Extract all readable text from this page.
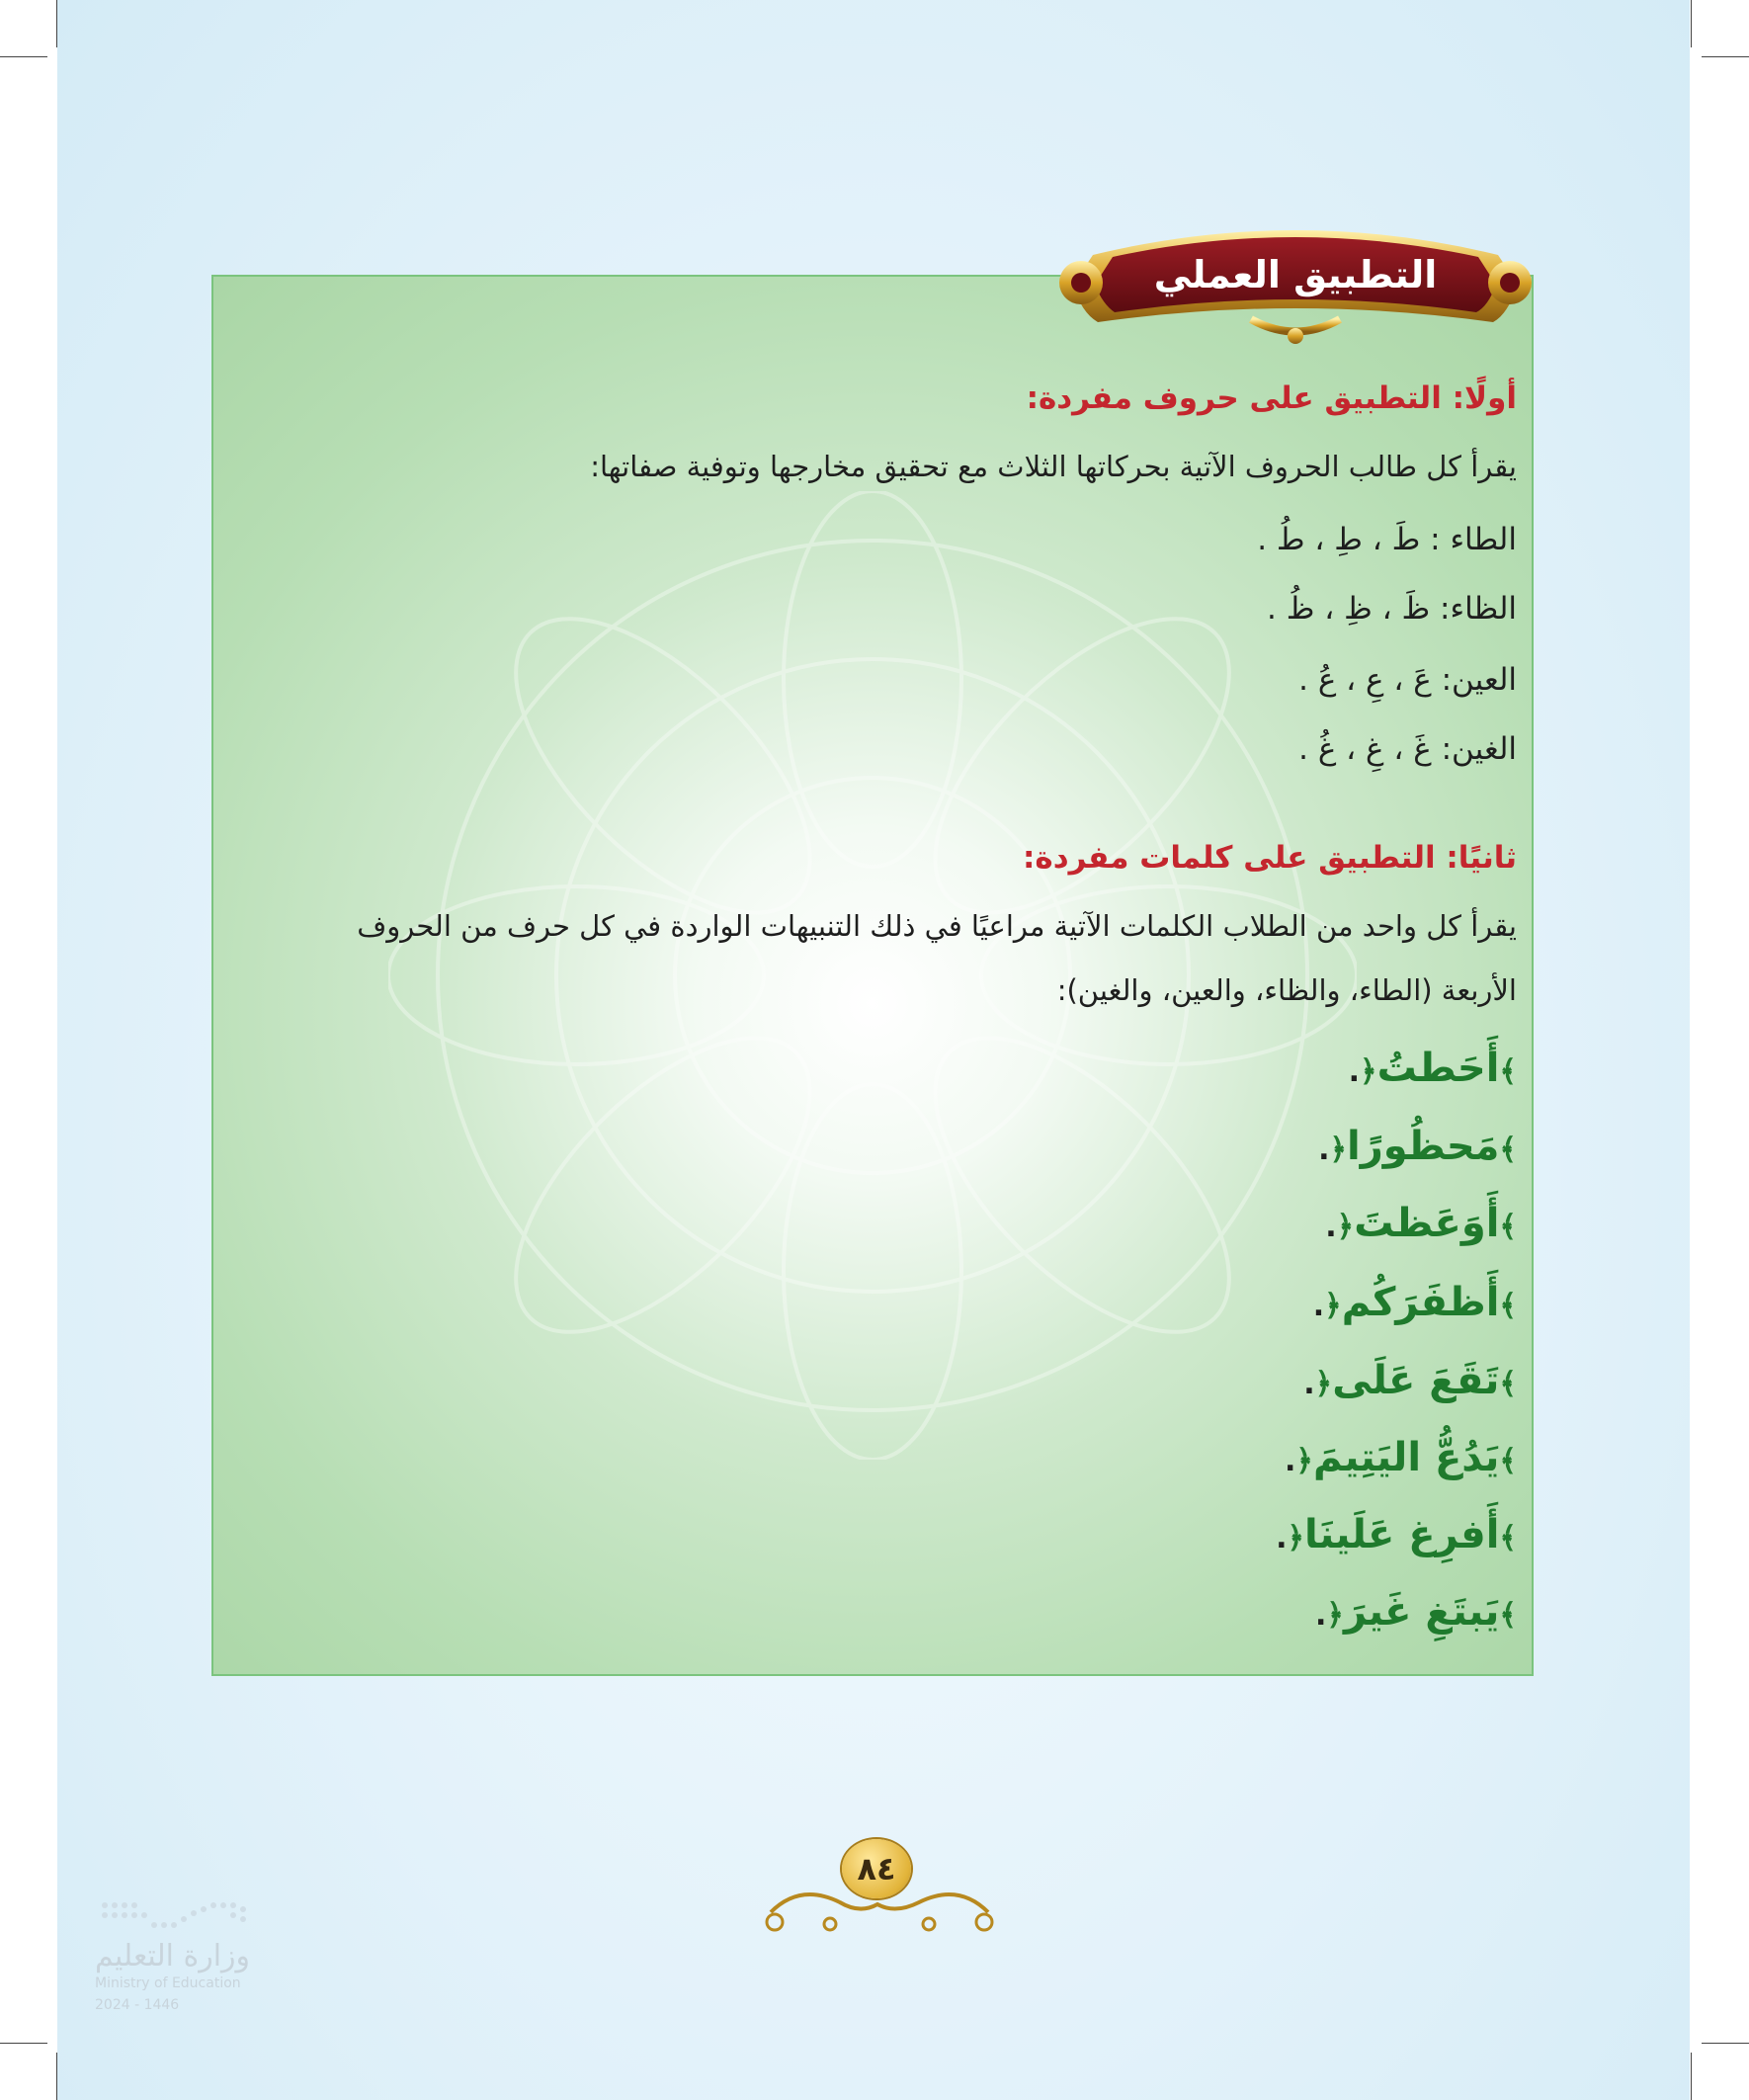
التطبيق العملي
أولًا: التطبيق على حروف مفردة:
يقرأ كل طالب الحروف الآتية بحركاتها الثلاث مع تحقيق مخارجها وتوفية صفاتها:
الطاء : طَ ، طِ ، طُ .
الظاء: ظَ ، ظِ ، ظُ .
العين: عَ ، عِ ، عُ .
الغين: غَ ، غِ ، غُ .
ثانيًا: التطبيق على كلمات مفردة:
يقرأ كل واحد من الطلاب الكلمات الآتية مراعيًا في ذلك التنبيهات الواردة في كل حرف من الحروف
الأربعة (الطاء، والظاء، والعين، والغين):
﴾أَحَطتُ﴿.
﴾مَحظُورًا﴿.
﴾أَوَعَظتَ﴿.
﴾أَظفَرَكُم﴿.
﴾تَقَعَ عَلَى﴿.
﴾يَدُعُّ اليَتِيمَ﴿.
﴾أَفرِغ عَلَينَا﴿.
﴾يَبتَغِ غَيرَ﴿.
٨٤
وزارة التعليم
Ministry of Education
2024 - 1446
